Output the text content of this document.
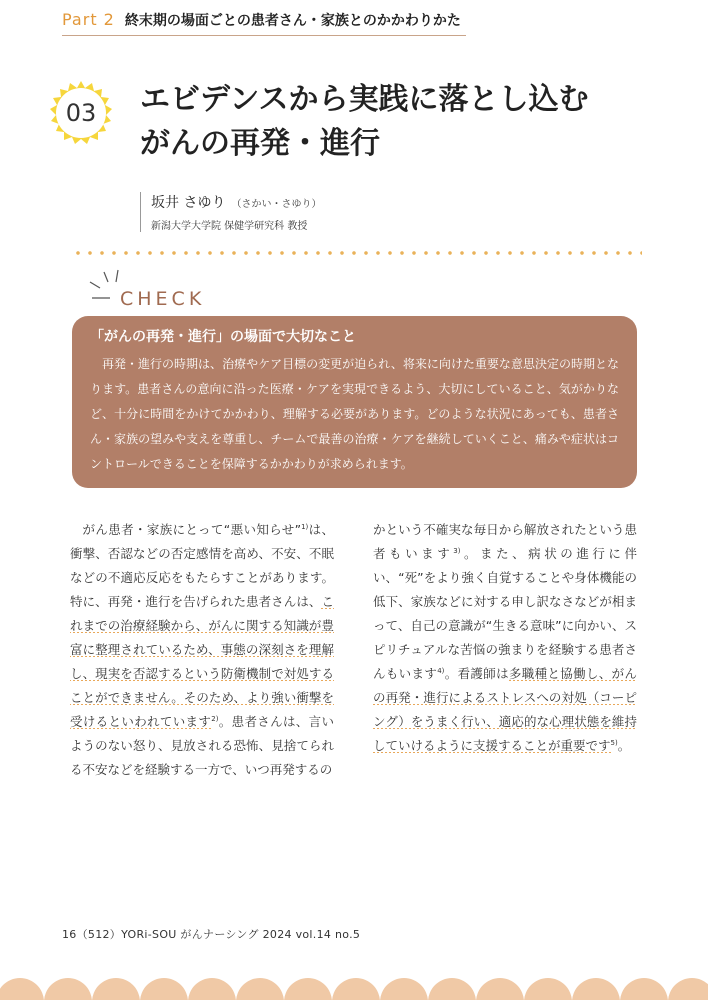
Part 2 終末期の場面ごとの患者さん・家族とのかかわりかた
03	エビデンスから実践に落とし込む
がんの再発・進行
坂井 さゆり （さかい・さゆり）
新潟大学大学院 保健学研究科 教授
CHECK
「がんの再発・進行」の場面で大切なこと
再発・進行の時期は、治療やケア目標の変更が迫られ、将来に向けた重要な意思決定の時期となります。患者さんの意向に沿った医療・ケアを実現できるよう、大切にしていること、気がかりなど、十分に時間をかけてかかわり、理解する必要があります。どのような状況にあっても、患者さん・家族の望みや支えを尊重し、チームで最善の治療・ケアを継続していくこと、痛みや症状はコントロールできることを保障するかかわりが求められます。
がん患者・家族にとって“悪い知らせ”$^{1)}$は、衝撃、否認などの否定感情を高め、不安、不眠などの不適応反応をもたらすことがあります。特に、再発・進行を告げられた患者さんは、これまでの治療経験から、がんに関する知識が豊富に整理されているため、事態の深刻さを理解し、現実を否認するという防衛機制で対処することができません。そのため、より強い衝撃を受けるといわれています$^{2)}$。患者さんは、言いようのない怒り、見放される恐怖、見捨てられる不安などを経験する一方で、いつ再発するの
かという不確実な毎日から解放されたという患者もいます$^{3)}$。また、病状の進行に伴い、“死”をより強く自覚することや身体機能の低下、家族などに対する申し訳なさなどが相まって、自己の意識が“生きる意味”に向かい、スピリチュアルな苦悩の強まりを経験する患者さんもいます$^{4)}$。看護師は多職種と協働し、がんの再発・進行によるストレスへの対処（コーピング）をうまく行い、適応的な心理状態を維持していけるように支援することが重要です$^{5)}$。
16（512）YORi-SOU がんナーシング 2024 vol.14 no.5
